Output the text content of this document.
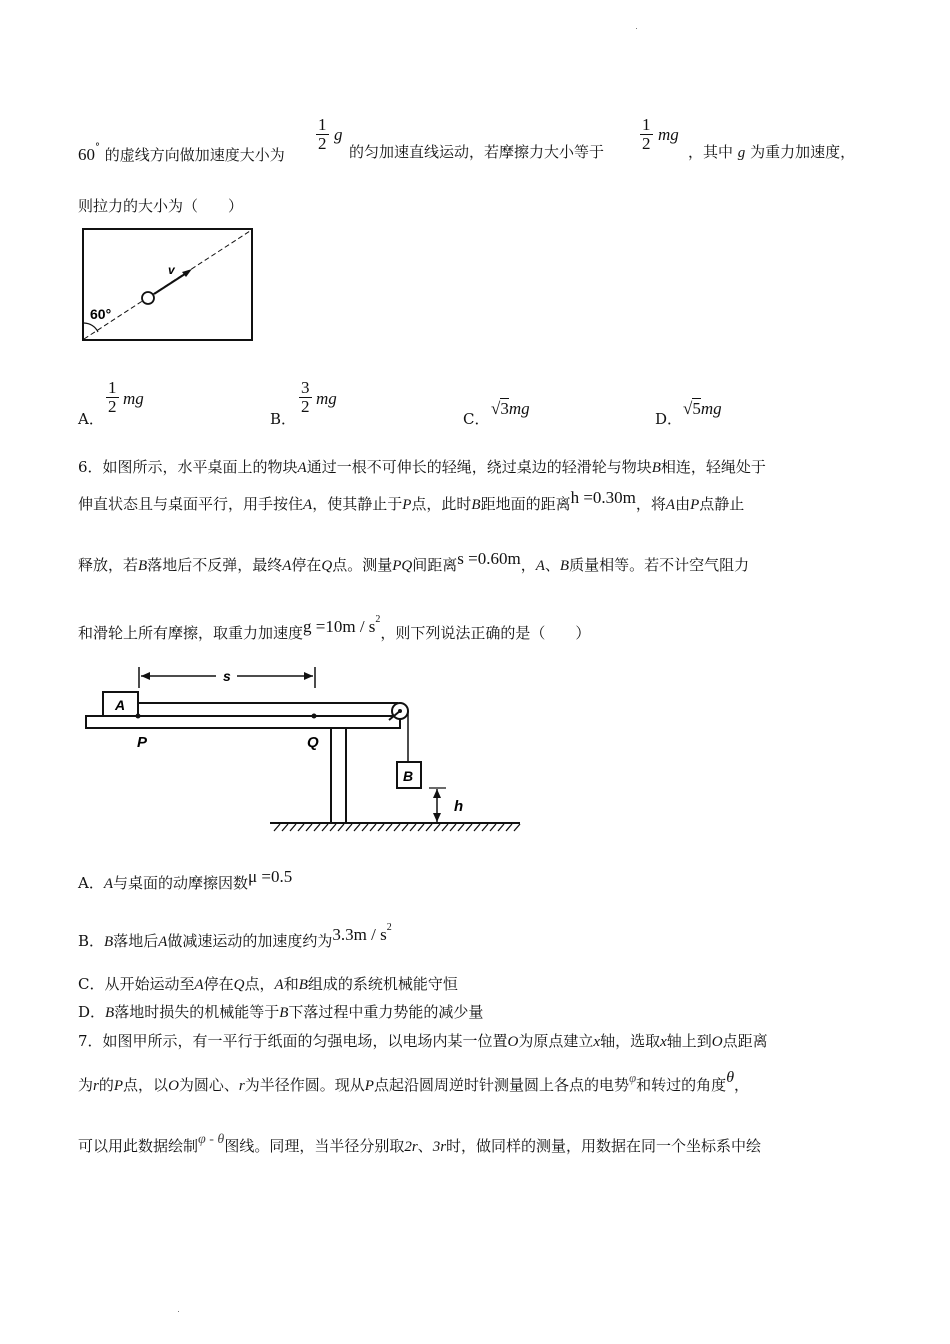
60° 的虚线方向做加速度大小为
$\frac{1}{2}$ g
的匀加速直线运动，若摩擦力大小等于 $\frac{1}{2}$ mg
，其中 g 为重力加速度，
则拉力的大小为（　　）
v
60°
A．
$\frac{1}{2}$ mg
B．
$\frac{3}{2}$ mg
C．
√3mg
D．
√5mg
6．如图所示，水平桌面上的物块A通过一根不可伸长的轻绳，绕过桌边的轻滑轮与物块B相连，轻绳处于
伸直状态且与桌面平行，用手按住A，使其静止于P点，此时B距地面的距离h =0.30m，将A由P点静止
释放，若B落地后不反弹，最终A停在Q点。测量PQ间距离s =0.60m，A、B质量相等。若不计空气阻力
和滑轮上所有摩擦，取重力加速度$g =10m / s^2$，则下列说法正确的是（　　）
s
A
P	Q
B
h
A．A与桌面的动摩擦因数μ =0.5
B．B落地后A做减速运动的加速度约为$3.3m / s^2$
C．从开始运动至A停在Q点，A和B组成的系统机械能守恒
D．B落地时损失的机械能等于B下落过程中重力势能的减少量
7．如图甲所示，有一平行于纸面的匀强电场，以电场内某一位置O为原点建立x轴，选取x轴上到O点距离
为r的P点，以O为圆心、r为半径作圆。现从P点起沿圆周逆时针测量圆上各点的电势φ和转过的角度θ，
可以用此数据绘制φ - θ图线。同理，当半径分别取2r、3r时，做同样的测量，用数据在同一个坐标系中绘
